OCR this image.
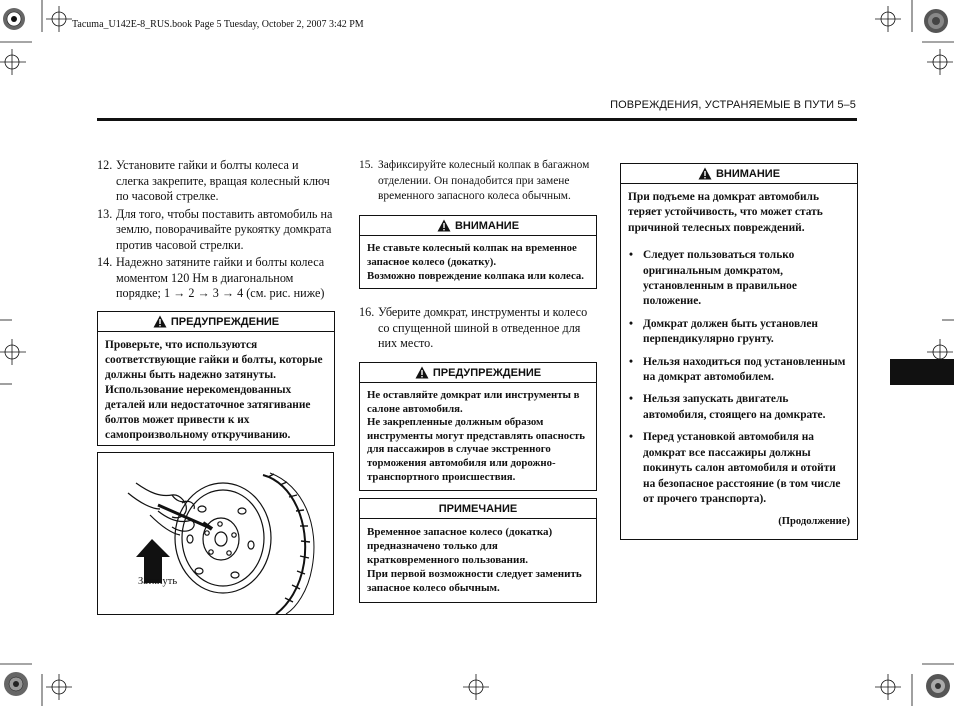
Tacuma_U142E-8_RUS.book Page 5 Tuesday, October 2, 2007 3:42 PM
ПОВРЕЖДЕНИЯ, УСТРАНЯЕМЫЕ В ПУТИ 5–5
12. Установите гайки и болты колеса и слегка закрепите, вращая колесный ключ по часовой стрелке.
13. Для того, чтобы поставить автомобиль на землю, поворачивайте рукоятку домкрата против часовой стрелки.
14. Надежно затяните гайки и болты колеса моментом 120 Нм в диагональном порядке; 1 → 2 → 3 → 4 (см. рис. ниже)
ПРЕДУПРЕЖДЕНИЕ

Проверьте, что используются соответствующие гайки и болты, которые должны быть надежно затянуты. Использование нерекомендованных деталей или недостаточное затягивание болтов может привести к их самопроизвольному откручиванию.

Затянуть
15. Зафиксируйте колесный колпак в багажном отделении. Он понадобится при замене временного запасного колеса обычным.
ВНИМАНИЕ

Не ставьте колесный колпак на временное запасное колесо (докатку).

Возможно повреждение колпака или колеса.

16. Уберите домкрат, инструменты и колесо со спущенной шиной в отведенное для них место.
ПРЕДУПРЕЖДЕНИЕ

Не оставляйте домкрат или инструменты в салоне автомобиля.

Не закрепленные должным образом инструменты могут представлять опасность для пассажиров в случае экстренного торможения автомобиля или дорожно-транспортного происшествия.

ПРИМЕЧАНИЕ

Временное запасное колесо (докатка) предназначено только для кратковременного пользования.

При первой возможности следует заменить запасное колесо обычным.

ВНИМАНИЕ

При подъеме на домкрат автомобиль теряет устойчивость, что может стать причиной телесных повреждений.

• Следует пользоваться только оригинальным домкратом, установленным в правильное положение.
• Домкрат должен быть установлен перпендикулярно грунту.
• Нельзя находиться под установленным на домкрат автомобилем.
• Нельзя запускать двигатель автомобиля, стоящего на домкрате.
• Перед установкой автомобиля на домкрат все пассажиры должны покинуть салон автомобиля и отойти на безопасное расстояние (в том числе от прочего транспорта).
(Продолжение)
